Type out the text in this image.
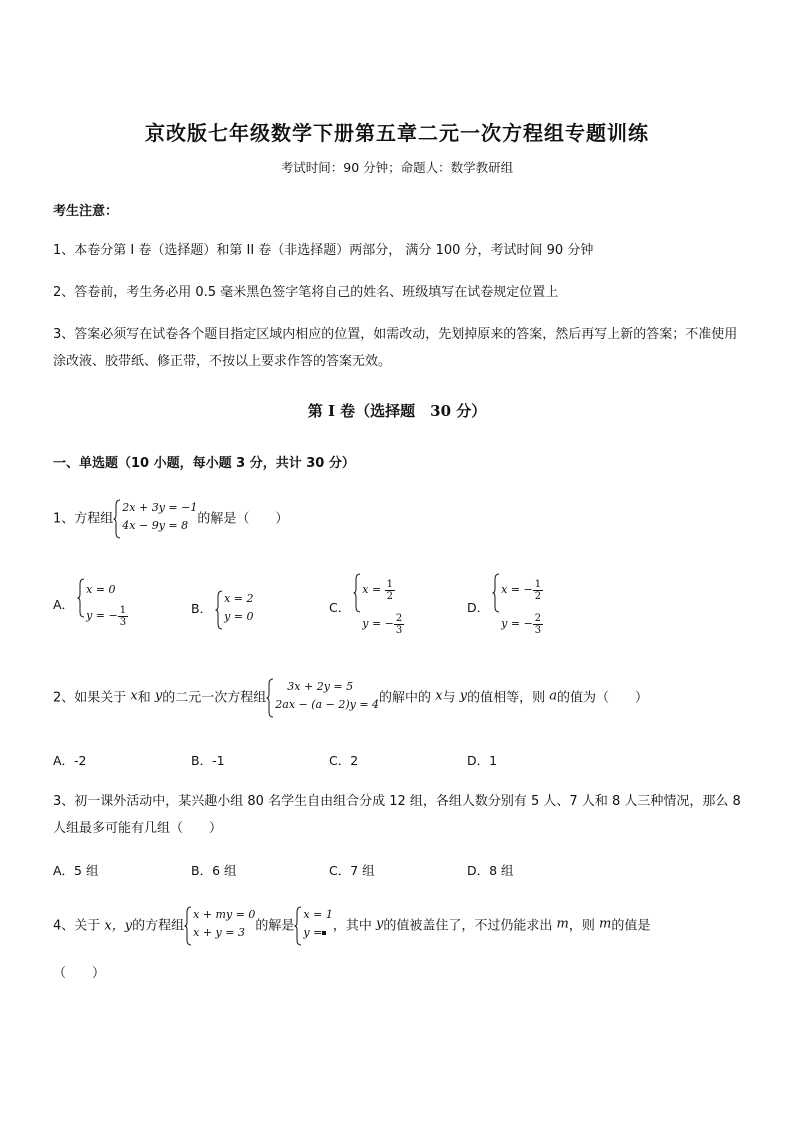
京改版七年级数学下册第五章二元一次方程组专题训练
考试时间：90 分钟；命题人：数学教研组
考生注意：
1、本卷分第 I 卷（选择题）和第 II 卷（非选择题）两部分， 满分 100 分，考试时间 90 分钟
2、答卷前，考生务必用 0.5 毫米黑色签字笔将自己的姓名、班级填写在试卷规定位置上
3、答案必须写在试卷各个题目指定区域内相应的位置，如需改动，先划掉原来的答案，然后再写上新的答案；不准使用涂改液、胶带纸、修正带，不按以上要求作答的答案无效。
第 I 卷（选择题　30 分）
一、单选题（10 小题，每小题 3 分，共计 30 分）
1、方程组
2x + 3y = −1
4x − 9y = 8 的解是（　　）
A．
x = 0
y = − $\frac{1}{3}$	B．
x = 2
y = 0
C．
$x = \frac{1}{2}$
y = − $\frac{2}{3}$
D．
x = − $\frac{1}{2}$
y = − $\frac{2}{3}$
2、如果关于 x和 y的二元一次方程组
3x + 2y = 5
2ax − (a − 2)y = 4 的解中的 x与 y的值相等，则 a的值为（　　）
A．-2	B．-1	C．2	D．1
3、初一课外活动中，某兴趣小组 80 名学生自由组合分成 12 组，各组人数分别有 5 人、7 人和 8 人三种情况，那么 8 人组最多可能有几组（　　）
A．5 组	B．6 组	C．7 组	D．8 组
4、关于 x，y的方程组
x + my = 0
x + y = 3 的解是
x = 1
y = ，其中 y的值被盖住了，不过仍能求出 m，则 m的值是
（　　）
